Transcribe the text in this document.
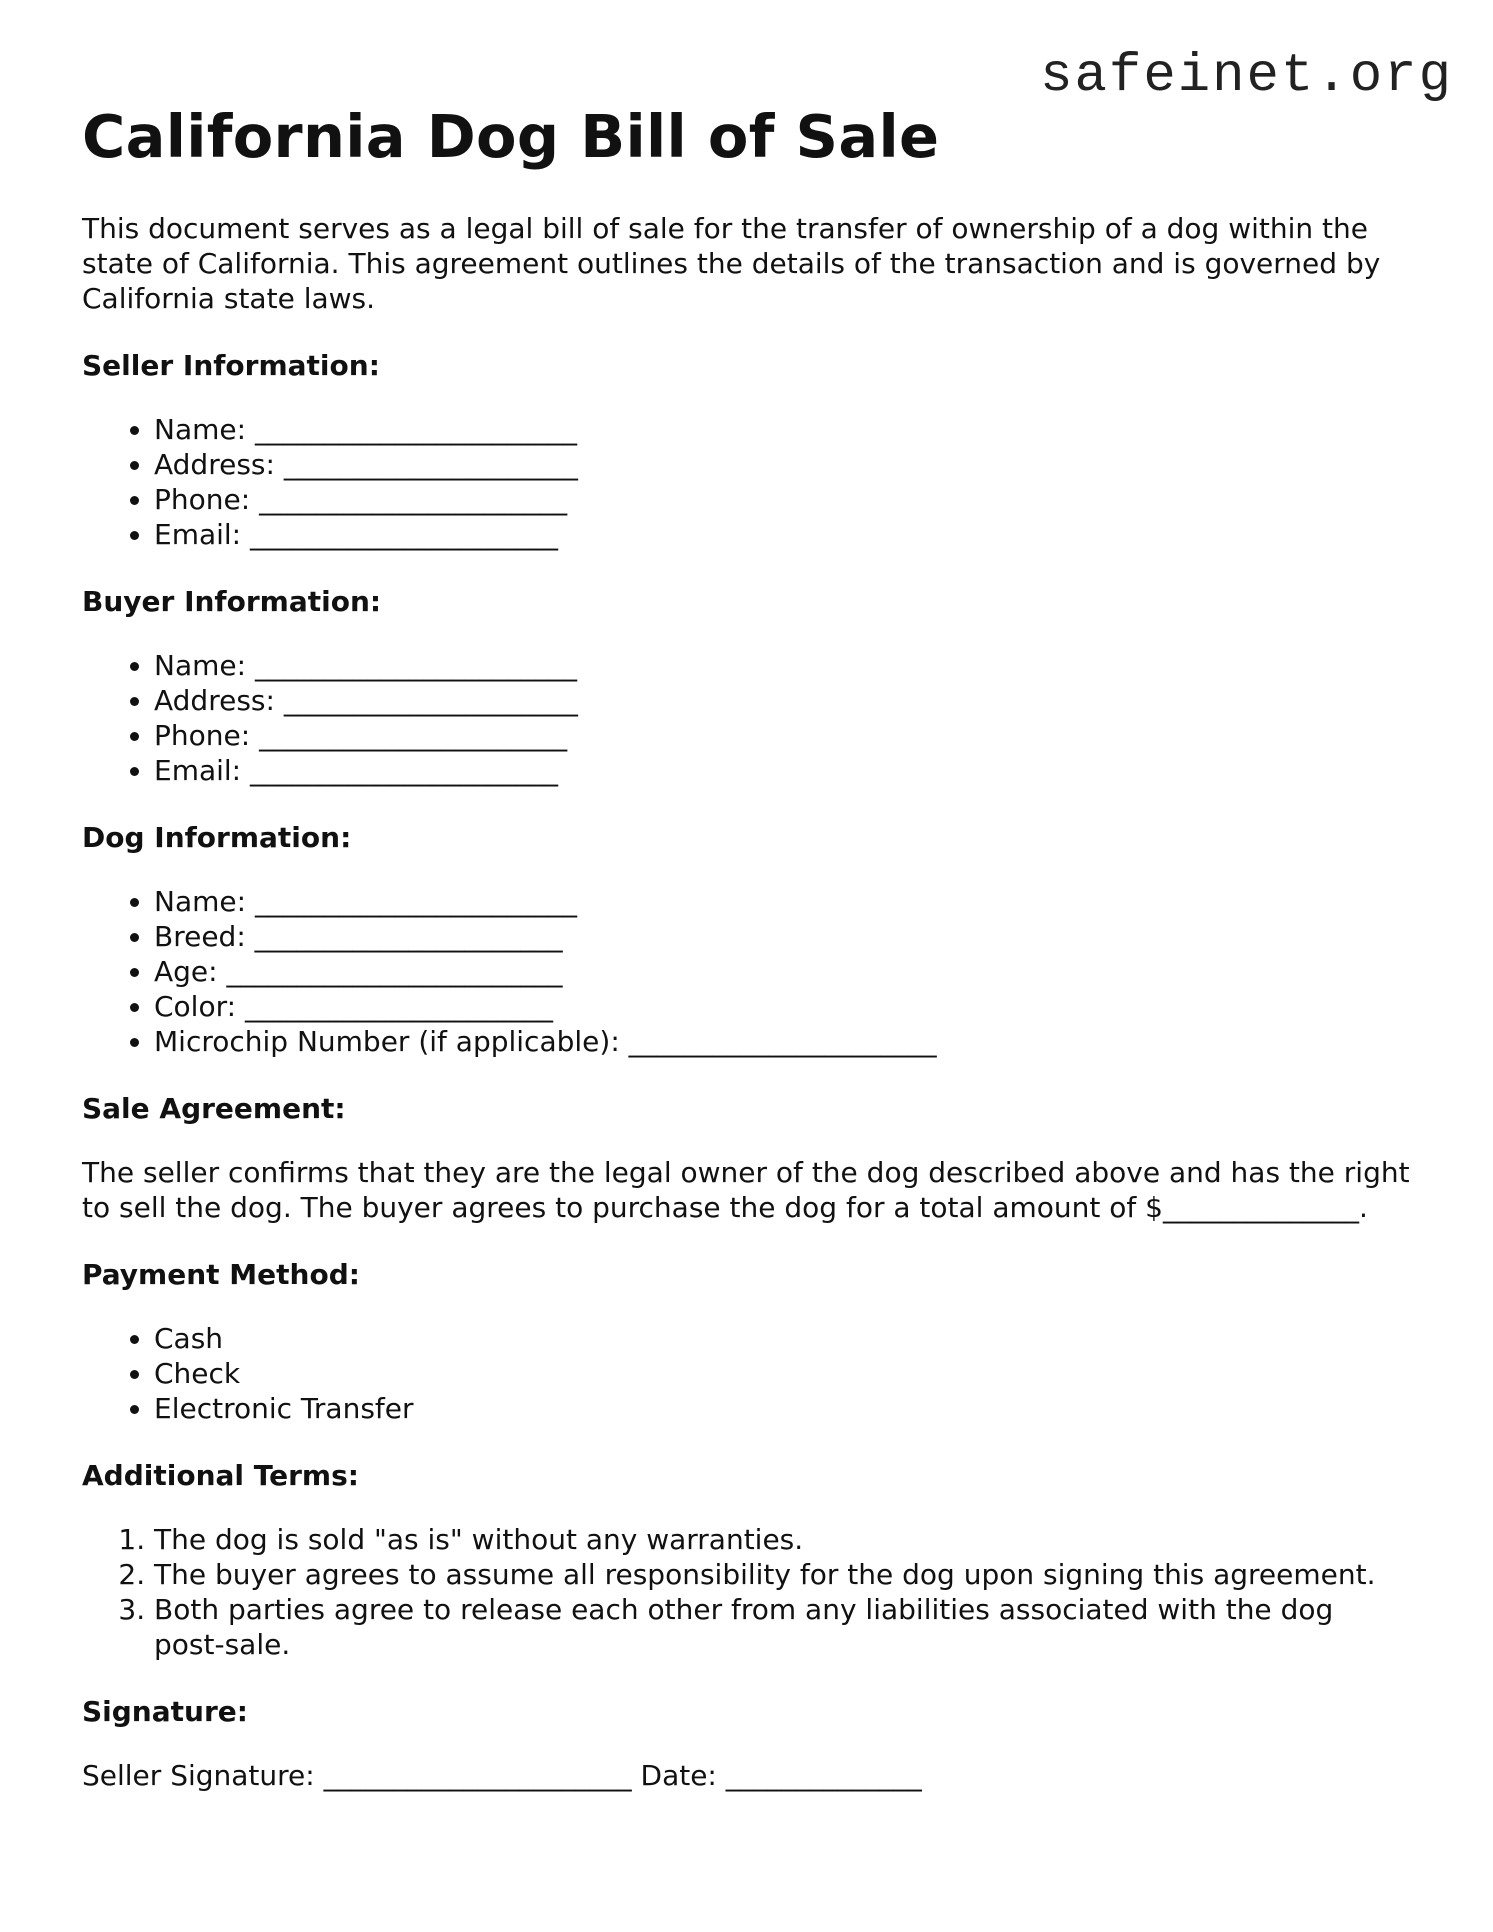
safeinet.org
California Dog Bill of Sale

This document serves as a legal bill of sale for the transfer of ownership of a dog within the state of California. This agreement outlines the details of the transaction and is governed by California state laws.

Seller Information:
• Name: _______________________
• Address: _____________________
• Phone: ______________________
• Email: ______________________
Buyer Information:
• Name: _______________________
• Address: _____________________
• Phone: ______________________
• Email: ______________________
Dog Information:
• Name: _______________________
• Breed: ______________________
• Age: ________________________
• Color: ______________________
• Microchip Number (if applicable): ______________________
Sale Agreement:

The seller confirms that they are the legal owner of the dog described above and has the right to sell the dog. The buyer agrees to purchase the dog for a total amount of $______________.

Payment Method:
• Cash
• Check
• Electronic Transfer
Additional Terms:
1. The dog is sold "as is" without any warranties.
2. The buyer agrees to assume all responsibility for the dog upon signing this agreement.
3. Both parties agree to release each other from any liabilities associated with the dog post-sale.
Signature:

Seller Signature: ______________________ Date: ______________
